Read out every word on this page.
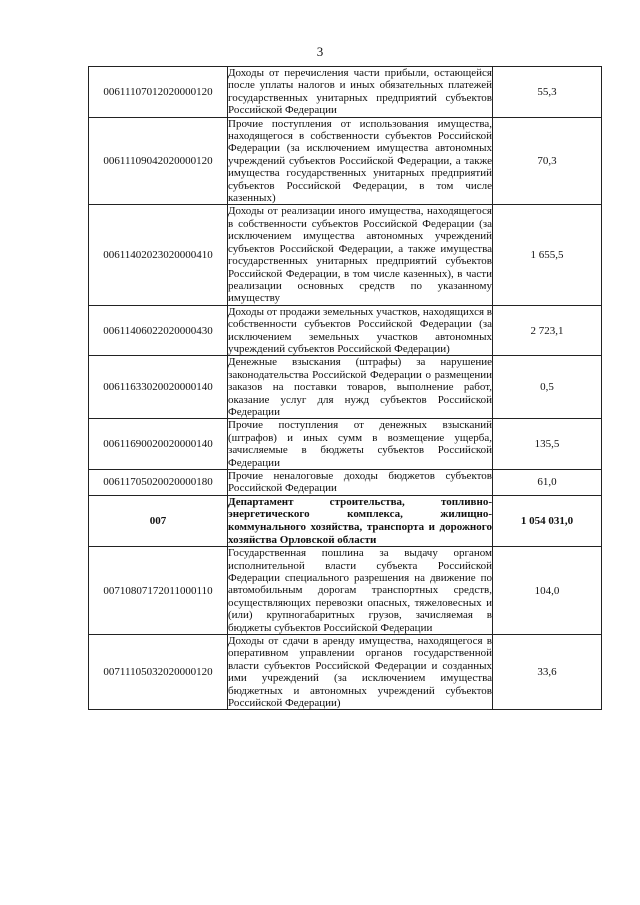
3
00611107012020000120	Доходы от перечисления части прибыли, остающейся после уплаты налогов и иных обязательных платежей государственных унитарных предприятий субъектов Российской Федерации	55,3
00611109042020000120	Прочие поступления от использования имущества, находящегося в собственности субъектов Российской Федерации (за исключением имущества автономных учреждений субъектов Российской Федерации, а также имущества государственных унитарных предприятий субъектов Российской Федерации, в том числе казенных)	70,3
00611402023020000410	Доходы от реализации иного имущества, находящегося в собственности субъектов Российской Федерации (за исключением имущества автономных учреждений субъектов Российской Федерации, а также имущества государственных унитарных предприятий субъектов Российской Федерации, в том числе казенных), в части реализации основных средств по указанному имуществу	1 655,5
00611406022020000430	Доходы от продажи земельных участков, находящихся в собственности субъектов Российской Федерации (за исключением земельных участков автономных учреждений субъектов Российской Федерации)	2 723,1
00611633020020000140	Денежные взыскания (штрафы) за нарушение законодательства Российской Федерации о размещении заказов на поставки товаров, выполнение работ, оказание услуг для нужд субъектов Российской Федерации	0,5
00611690020020000140	Прочие поступления от денежных взысканий (штрафов) и иных сумм в возмещение ущерба, зачисляемые в бюджеты субъектов Российской Федерации	135,5
00611705020020000180	Прочие неналоговые доходы бюджетов субъектов Российской Федерации	61,0
007	Департамент строительства, топливно-энергетического комплекса, жилищно-коммунального хозяйства, транспорта и дорожного хозяйства Орловской области	1 054 031,0
00710807172011000110	Государственная пошлина за выдачу органом исполнительной власти субъекта Российской Федерации специального разрешения на движение по автомобильным дорогам транспортных средств, осуществляющих перевозки опасных, тяжеловесных и (или) крупногабаритных грузов, зачисляемая в бюджеты субъектов Российской Федерации	104,0
00711105032020000120	Доходы от сдачи в аренду имущества, находящегося в оперативном управлении органов государственной власти субъектов Российской Федерации и созданных ими учреждений (за исключением имущества бюджетных и автономных учреждений субъектов Российской Федерации)	33,6
